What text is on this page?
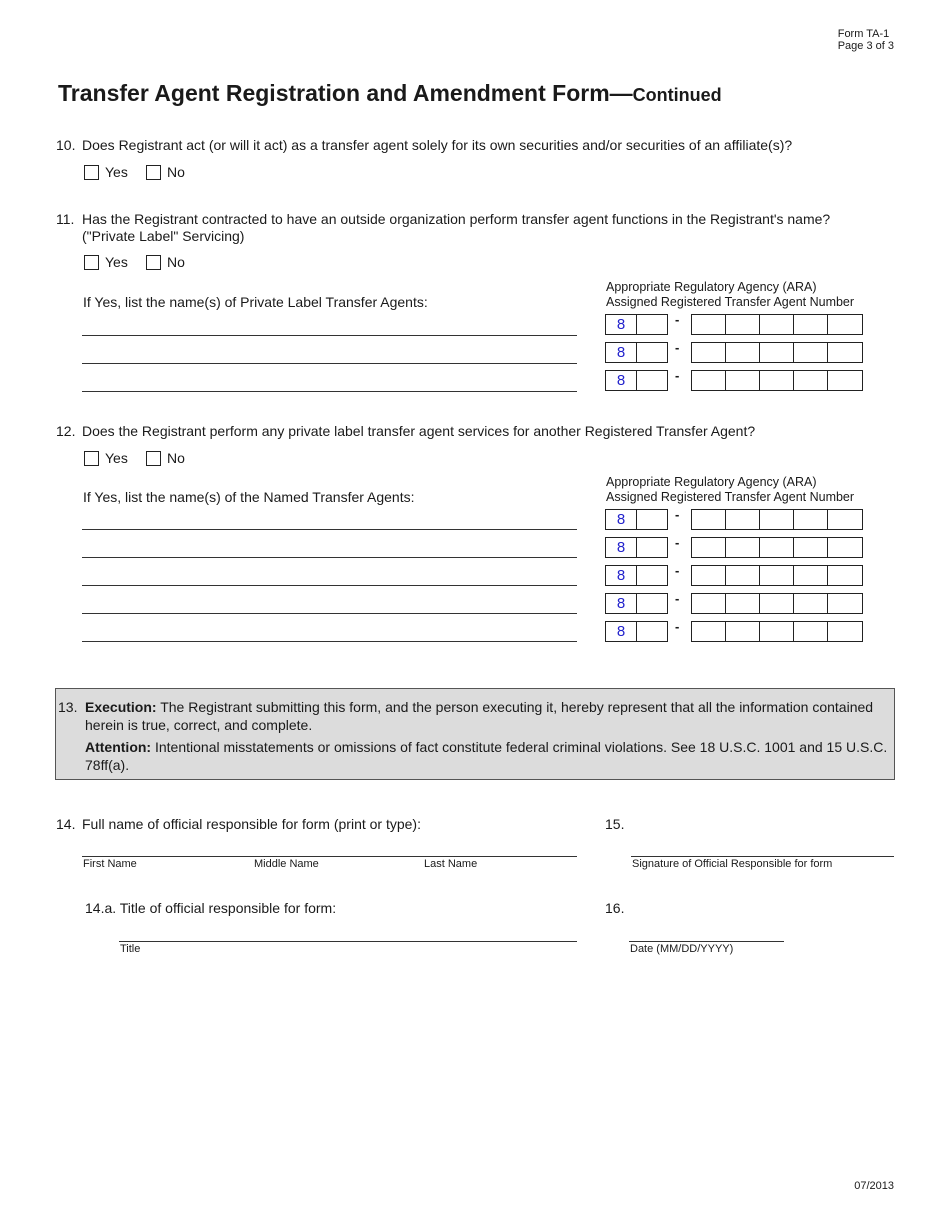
Form TA-1
Page 3 of 3
Transfer Agent Registration and Amendment Form—Continued
10. Does Registrant act (or will it act) as a transfer agent solely for its own securities and/or securities of an affiliate(s)?
Yes	No
11. Has the Registrant contracted to have an outside organization perform transfer agent functions in the Registrant's name?
("Private Label" Servicing)
Yes	No
If Yes, list the name(s) of Private Label Transfer Agents:
Appropriate Regulatory Agency (ARA)
Assigned Registered Transfer Agent Number
8	-
8	-
8	-
12. Does the Registrant perform any private label transfer agent services for another Registered Transfer Agent?
Yes	No
If Yes, list the name(s) of the Named Transfer Agents:
Appropriate Regulatory Agency (ARA)
Assigned Registered Transfer Agent Number
8	-
8	-
8	-
8	-
8	-
13. Execution: The Registrant submitting this form, and the person executing it, hereby represent that all the information contained herein is true, correct, and complete.
Attention: Intentional misstatements or omissions of fact constitute federal criminal violations. See 18 U.S.C. 1001 and 15 U.S.C. 78ff(a).
14. Full name of official responsible for form (print or type):
First Name	Middle Name	Last Name
14.a. Title of official responsible for form:
Title
15.
Signature of Official Responsible for form
16.
Date (MM/DD/YYYY)
07/2013
